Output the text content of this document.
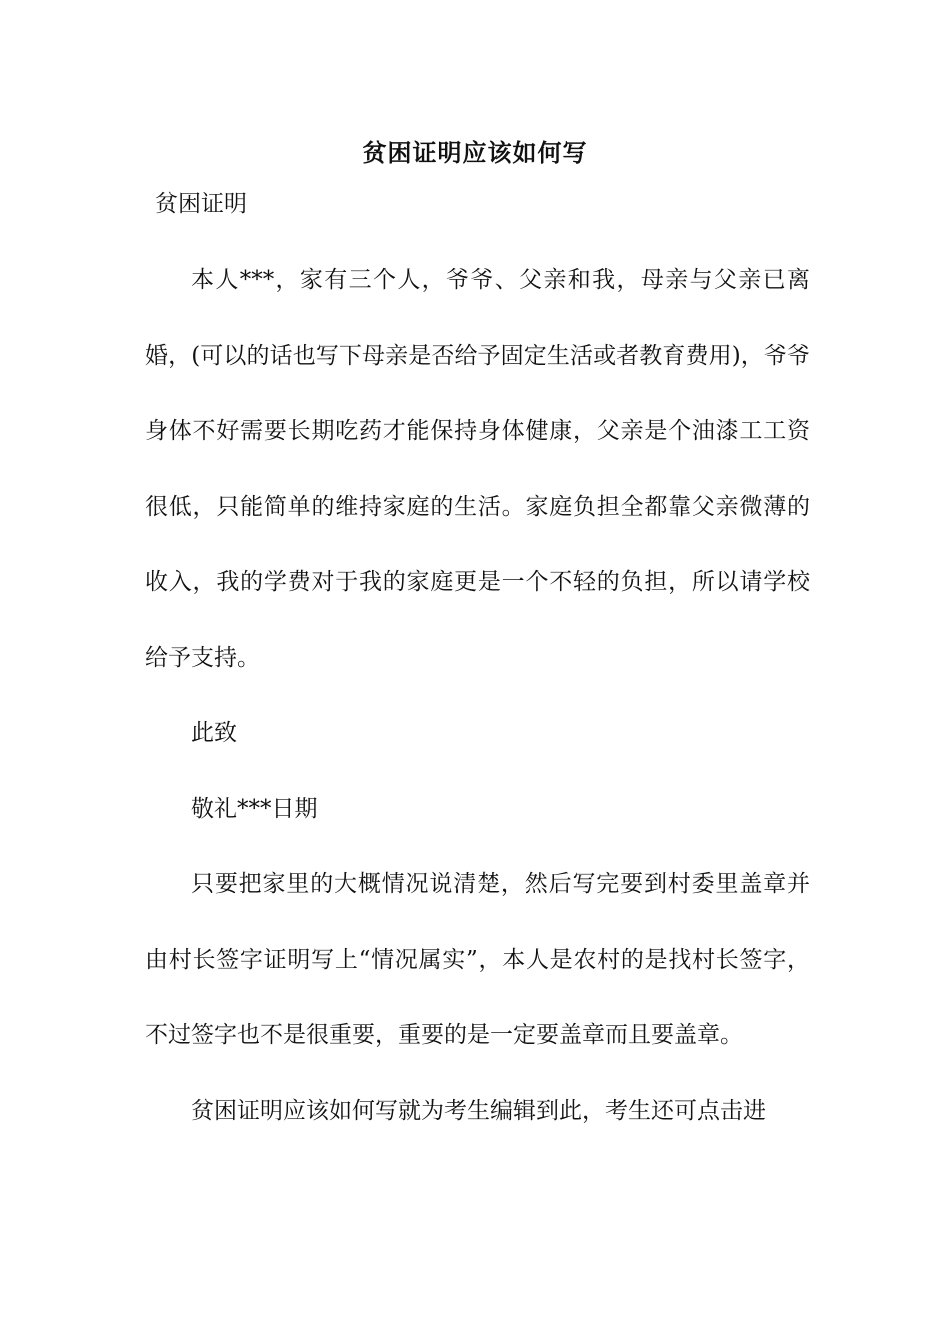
贫困证明应该如何写
贫困证明

本人***，家有三个人，爷爷、父亲和我，母亲与父亲已离婚，(可以的话也写下母亲是否给予固定生活或者教育费用)，爷爷身体不好需要长期吃药才能保持身体健康，父亲是个油漆工工资很低，只能简单的维持家庭的生活。家庭负担全都靠父亲微薄的收入，我的学费对于我的家庭更是一个不轻的负担，所以请学校给予支持。

此致

敬礼***日期

只要把家里的大概情况说清楚，然后写完要到村委里盖章并由村长签字证明写上“情况属实”，本人是农村的是找村长签字，不过签字也不是很重要，重要的是一定要盖章而且要盖章。

贫困证明应该如何写就为考生编辑到此，考生还可点击进
